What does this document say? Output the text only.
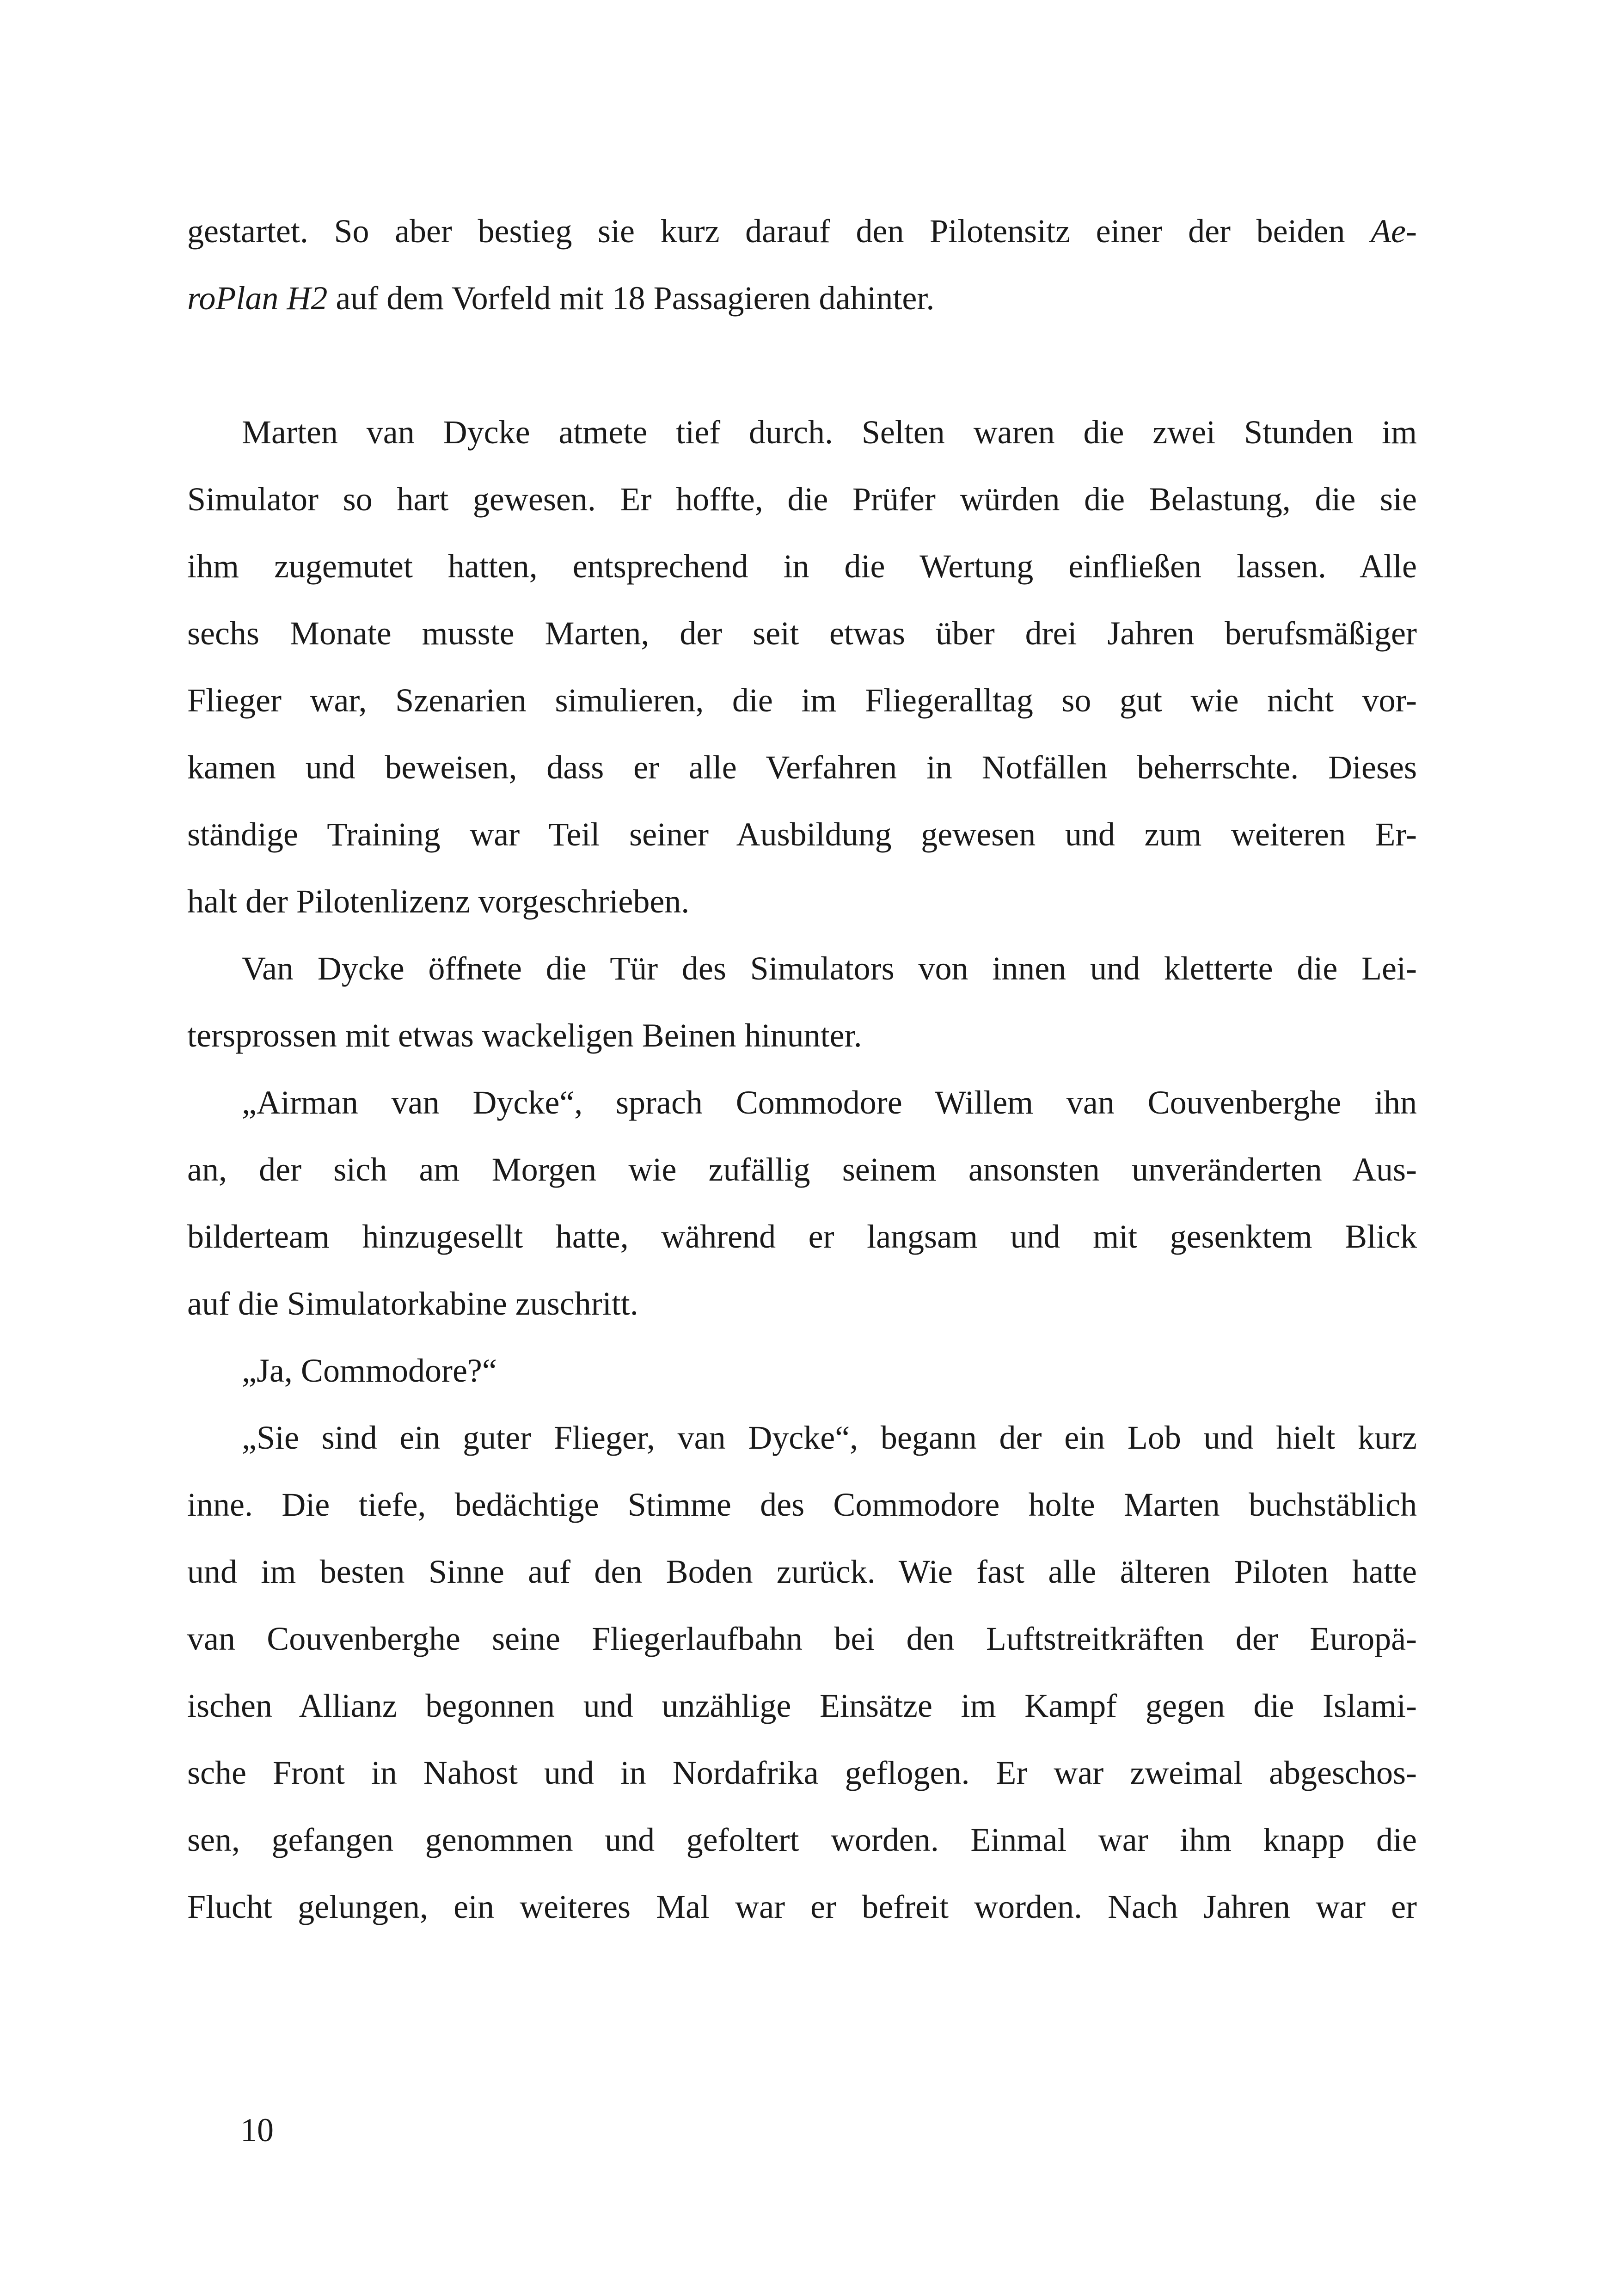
gestartet. So aber bestieg sie kurz darauf den Pilotensitz einer der beiden Ae-
roPlan H2 auf dem Vorfeld mit 18 Passagieren dahinter.
Marten van Dycke atmete tief durch. Selten waren die zwei Stunden im
Simulator so hart gewesen. Er hoffte, die Prüfer würden die Belastung, die sie
ihm zugemutet hatten, entsprechend in die Wertung einfließen lassen. Alle
sechs Monate musste Marten, der seit etwas über drei Jahren berufsmäßiger
Flieger war, Szenarien simulieren, die im Fliegeralltag so gut wie nicht vor-
kamen und beweisen, dass er alle Verfahren in Notfällen beherrschte. Dieses
ständige Training war Teil seiner Ausbildung gewesen und zum weiteren Er-
halt der Pilotenlizenz vorgeschrieben.
Van Dycke öffnete die Tür des Simulators von innen und kletterte die Lei-
tersprossen mit etwas wackeligen Beinen hinunter.
„Airman van Dycke“, sprach Commodore Willem van Couvenberghe ihn
an, der sich am Morgen wie zufällig seinem ansonsten unveränderten Aus-
bilderteam hinzugesellt hatte, während er langsam und mit gesenktem Blick
auf die Simulatorkabine zuschritt.
„Ja, Commodore?“
„Sie sind ein guter Flieger, van Dycke“, begann der ein Lob und hielt kurz
inne. Die tiefe, bedächtige Stimme des Commodore holte Marten buchstäblich
und im besten Sinne auf den Boden zurück. Wie fast alle älteren Piloten hatte
van Couvenberghe seine Fliegerlaufbahn bei den Luftstreitkräften der Europä-
ischen Allianz begonnen und unzählige Einsätze im Kampf gegen die Islami-
sche Front in Nahost und in Nordafrika geflogen. Er war zweimal abgeschos-
sen, gefangen genommen und gefoltert worden. Einmal war ihm knapp die
Flucht gelungen, ein weiteres Mal war er befreit worden. Nach Jahren war er
10
